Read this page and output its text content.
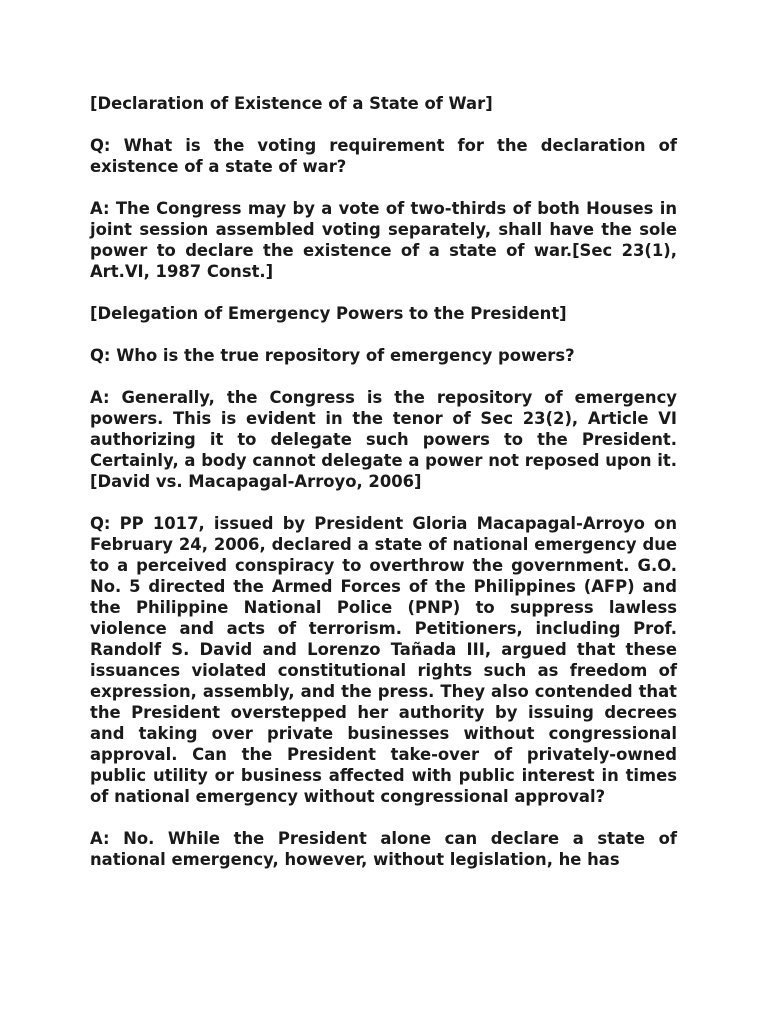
[Declaration of Existence of a State of War]

Q: What is the voting requirement for the declaration of existence of a state of war?

A: The Congress may by a vote of two-thirds of both Houses in joint session assembled voting separately, shall have the sole power to declare the existence of a state of war.[Sec 23(1), Art.VI, 1987 Const.]

[Delegation of Emergency Powers to the President]

Q: Who is the true repository of emergency powers?

A: Generally, the Congress is the repository of emergency powers. This is evident in the tenor of Sec 23(2), Article VI authorizing it to delegate such powers to the President. Certainly, a body cannot delegate a power not reposed upon it. [David vs. Macapagal-Arroyo, 2006]

Q: PP 1017, issued by President Gloria Macapagal-Arroyo on February 24, 2006, declared a state of national emergency due to a perceived conspiracy to overthrow the government. G.O. No. 5 directed the Armed Forces of the Philippines (AFP) and the Philippine National Police (PNP) to suppress lawless violence and acts of terrorism. Petitioners, including Prof. Randolf S. David and Lorenzo Tañada III, argued that these issuances violated constitutional rights such as freedom of expression, assembly, and the press. They also contended that the President overstepped her authority by issuing decrees and taking over private businesses without congressional approval. Can the President take-over of privately-owned public utility or business affected with public interest in times of national emergency without congressional approval?

A: No. While the President alone can declare a state of national emergency, however, without legislation, he has
